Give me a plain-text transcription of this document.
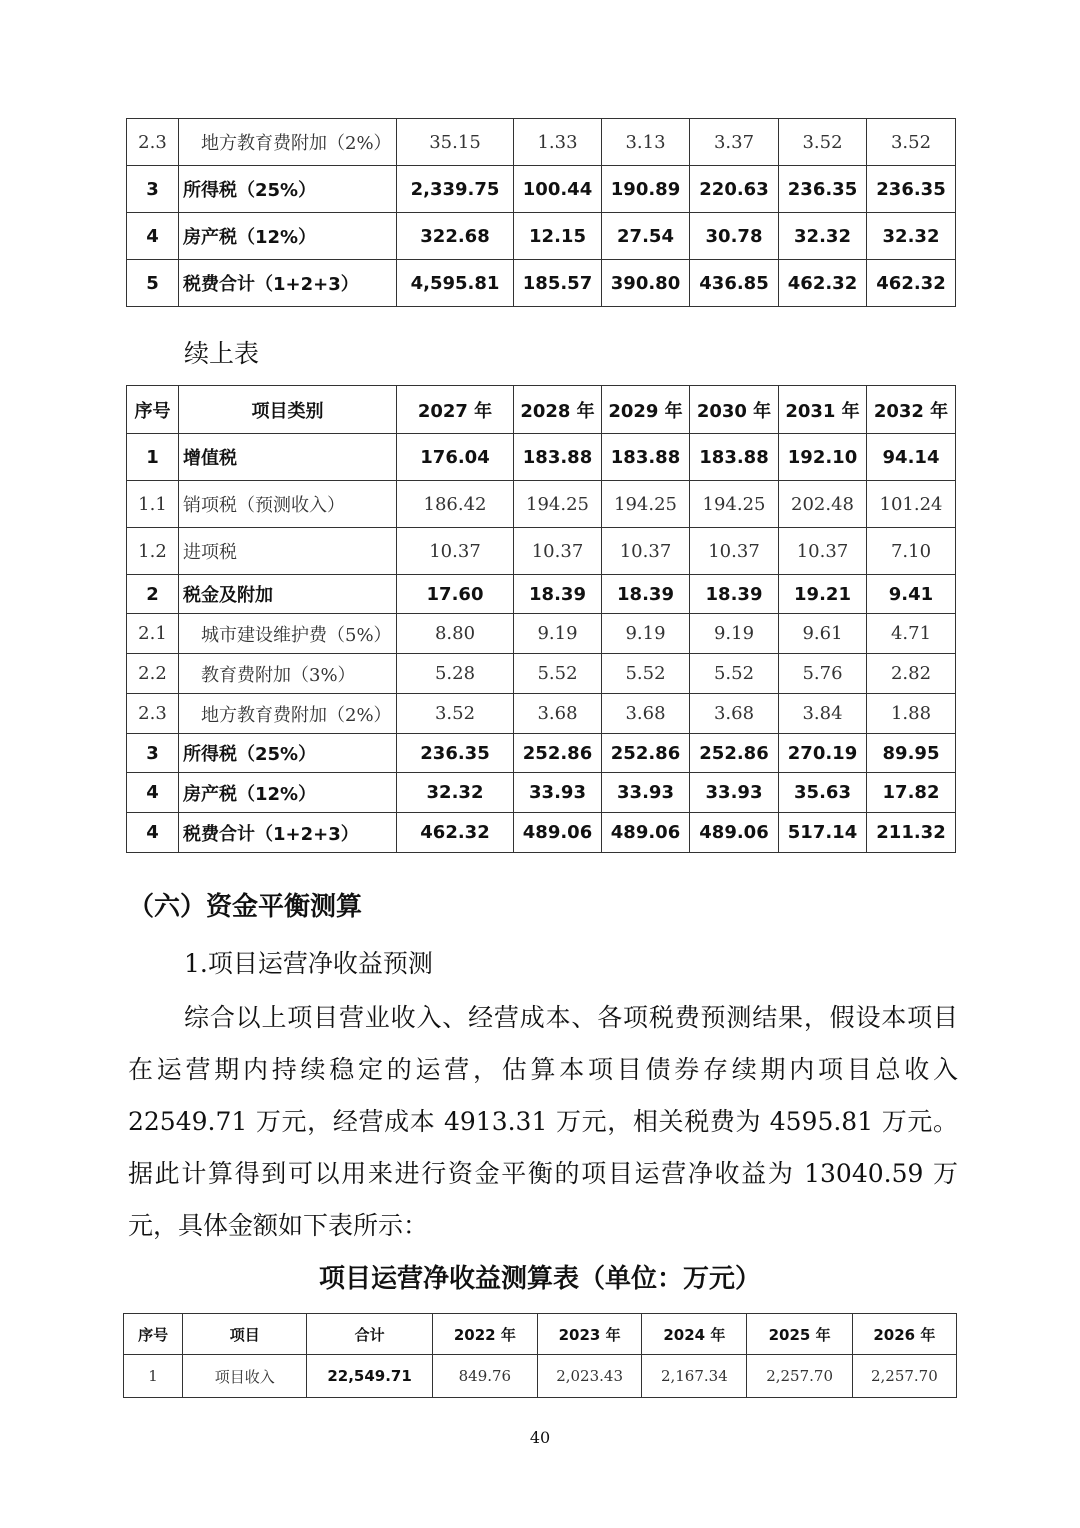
2.3	地方教育费附加（2%）	35.15	1.33	3.13	3.37	3.52	3.52
3	所得税（25%）	2,339.75	100.44	190.89	220.63	236.35	236.35
4	房产税（12%）	322.68	12.15	27.54	30.78	32.32	32.32
5	税费合计（1+2+3）	4,595.81	185.57	390.80	436.85	462.32	462.32
续上表
序号	项目类别	2027 年	2028 年	2029 年	2030 年	2031 年	2032 年
1	增值税	176.04	183.88	183.88	183.88	192.10	94.14
1.1	销项税（预测收入）	186.42	194.25	194.25	194.25	202.48	101.24
1.2	进项税	10.37	10.37	10.37	10.37	10.37	7.10
2	税金及附加	17.60	18.39	18.39	18.39	19.21	9.41
2.1	城市建设维护费（5%）	8.80	9.19	9.19	9.19	9.61	4.71
2.2	教育费附加（3%）	5.28	5.52	5.52	5.52	5.76	2.82
2.3	地方教育费附加（2%）	3.52	3.68	3.68	3.68	3.84	1.88
3	所得税（25%）	236.35	252.86	252.86	252.86	270.19	89.95
4	房产税（12%）	32.32	33.93	33.93	33.93	35.63	17.82
4	税费合计（1+2+3）	462.32	489.06	489.06	489.06	517.14	211.32
（六）资金平衡测算
1.项目运营净收益预测
综合以上项目营业收入、经营成本、各项税费预测结果，假设本项目在运营期内持续稳定的运营，估算本项目债券存续期内项目总收入 22549.71 万元，经营成本 4913.31 万元，相关税费为 4595.81 万元。据此计算得到可以用来进行资金平衡的项目运营净收益为 13040.59 万元，具体金额如下表所示：
项目运营净收益测算表（单位：万元）
序号	项目	合计	2022 年	2023 年	2024 年	2025 年	2026 年
1	项目收入	22,549.71	849.76	2,023.43	2,167.34	2,257.70	2,257.70
40
